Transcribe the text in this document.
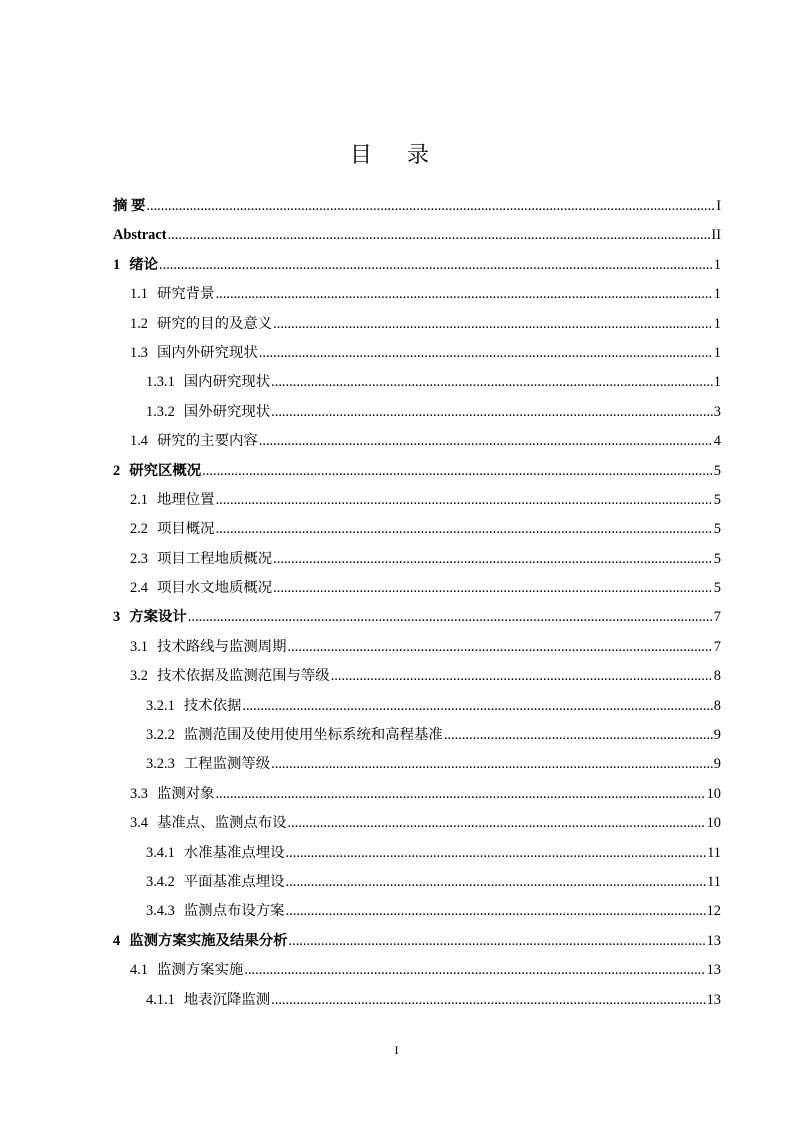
目 录
摘 要 .....	I
Abstract .....	II
1 绪论 .....	1
1.1 研究背景 .....	1
1.2 研究的目的及意义 .....	1
1.3 国内外研究现状 .....	1
1.3.1 国内研究现状 .....	1
1.3.2 国外研究现状 .....	3
1.4 研究的主要内容 .....	4
2 研究区概况 .....	5
2.1 地理位置 .....	5
2.2 项目概况 .....	5
2.3 项目工程地质概况 .....	5
2.4 项目水文地质概况 .....	5
3 方案设计 .....	7
3.1 技术路线与监测周期 .....	7
3.2 技术依据及监测范围与等级 .....	8
3.2.1 技术依据 .....	8
3.2.2 监测范围及使用使用坐标系统和高程基准 .....	9
3.2.3 工程监测等级 .....	9
3.3 监测对象 .....	10
3.4 基准点、监测点布设 .....	10
3.4.1 水准基准点埋设 .....	11
3.4.2 平面基准点埋设 .....	11
3.4.3 监测点布设方案 .....	12
4 监测方案实施及结果分析 .....	13
4.1 监测方案实施 .....	13
4.1.1 地表沉降监测 .....	13
I
